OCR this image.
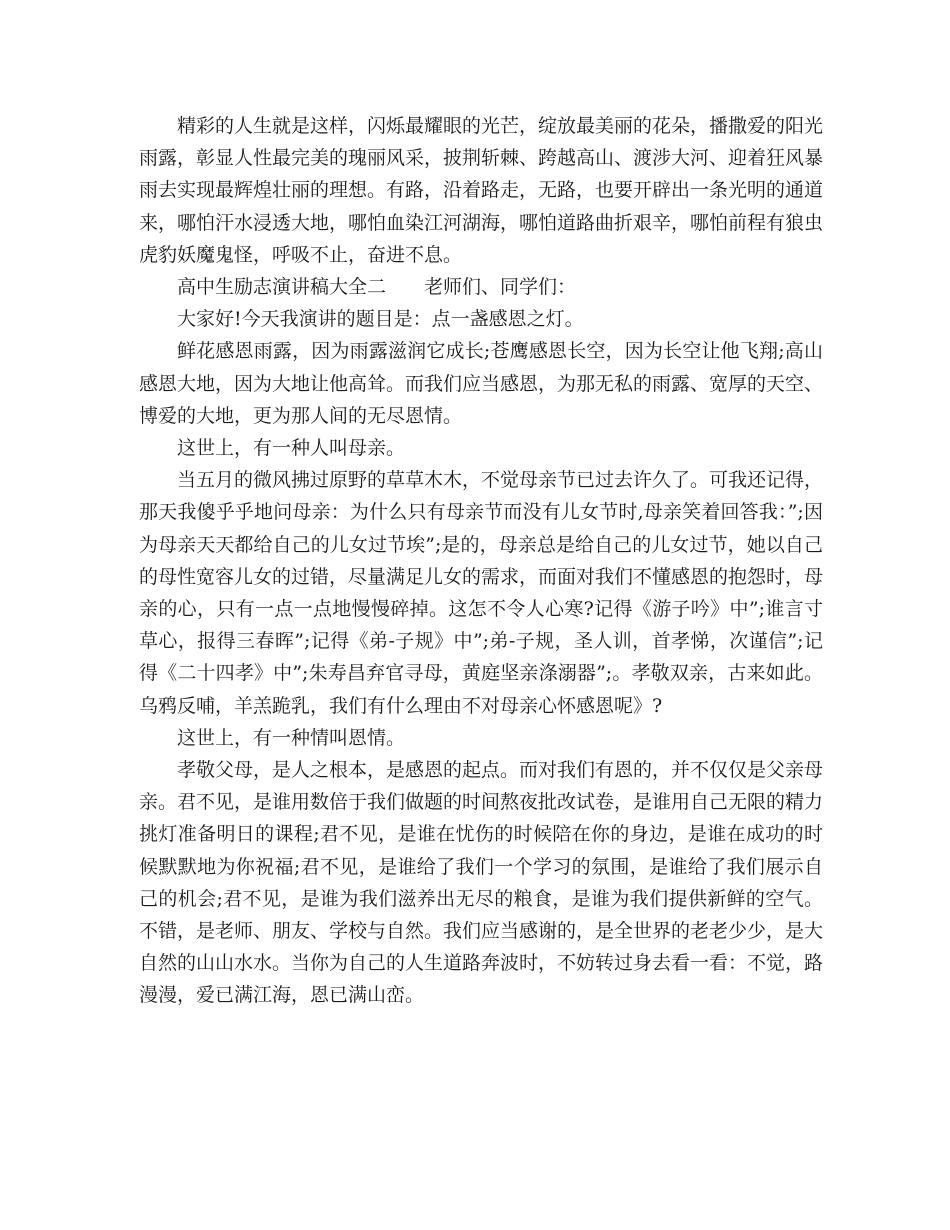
精彩的人生就是这样，闪烁最耀眼的光芒，绽放最美丽的花朵，播撒爱的阳光雨露，彰显人性最完美的瑰丽风采，披荆斩棘、跨越高山、渡涉大河、迎着狂风暴雨去实现最辉煌壮丽的理想。有路，沿着路走，无路，也要开辟出一条光明的通道来，哪怕汗水浸透大地，哪怕血染江河湖海，哪怕道路曲折艰辛，哪怕前程有狼虫虎豹妖魔鬼怪，呼吸不止，奋进不息。

高中生励志演讲稿大全二　　老师们、同学们：

大家好!今天我演讲的题目是：点一盏感恩之灯。

鲜花感恩雨露，因为雨露滋润它成长;苍鹰感恩长空，因为长空让他飞翔;高山感恩大地，因为大地让他高耸。而我们应当感恩，为那无私的雨露、宽厚的天空、博爱的大地，更为那人间的无尽恩情。

这世上，有一种人叫母亲。

当五月的微风拂过原野的草草木木，不觉母亲节已过去许久了。可我还记得，那天我傻乎乎地问母亲：为什么只有母亲节而没有儿女节时,母亲笑着回答我：”;因为母亲天天都给自己的儿女过节埃”;是的，母亲总是给自己的儿女过节，她以自己的母性宽容儿女的过错，尽量满足儿女的需求，而面对我们不懂感恩的抱怨时，母亲的心，只有一点一点地慢慢碎掉。这怎不令人心寒?记得《游子吟》中”;谁言寸草心，报得三春晖”;记得《弟-子规》中”;弟-子规，圣人训，首孝悌，次谨信”;记得《二十四孝》中”;朱寿昌弃官寻母，黄庭坚亲涤溺器”;。孝敬双亲，古来如此。乌鸦反哺，羊羔跪乳，我们有什么理由不对母亲心怀感恩呢》?

这世上，有一种情叫恩情。

孝敬父母，是人之根本，是感恩的起点。而对我们有恩的，并不仅仅是父亲母亲。君不见，是谁用数倍于我们做题的时间熬夜批改试卷，是谁用自己无限的精力挑灯准备明日的课程;君不见，是谁在忧伤的时候陪在你的身边，是谁在成功的时候默默地为你祝福;君不见，是谁给了我们一个学习的氛围，是谁给了我们展示自己的机会;君不见，是谁为我们滋养出无尽的粮食，是谁为我们提供新鲜的空气。不错，是老师、朋友、学校与自然。我们应当感谢的，是全世界的老老少少，是大自然的山山水水。当你为自己的人生道路奔波时，不妨转过身去看一看：不觉，路漫漫，爱已满江海，恩已满山峦。
